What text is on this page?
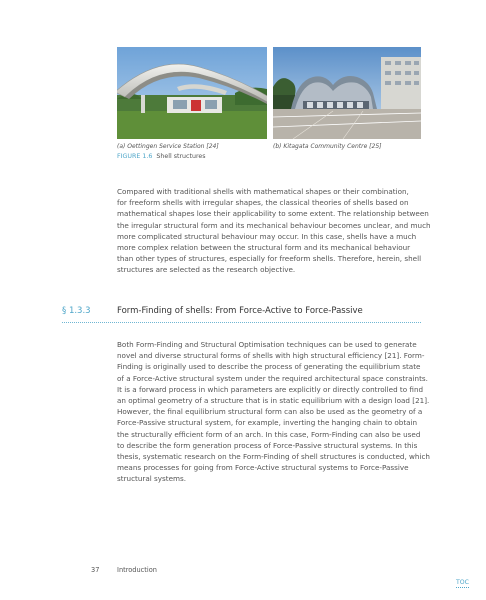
(a) Oettingen Service Station [24]	(b) Kitagata Community Centre [25]
FIGURE 1.6 Shell structures
Compared with traditional shells with mathematical shapes or their combination,
for freeform shells with irregular shapes, the classical theories of shells based on
mathematical shapes lose their applicability to some extent. The relationship between
the irregular structural form and its mechanical behaviour becomes unclear, and much
more complicated structural behaviour may occur. In this case, shells have a much
more complex relation between the structural form and its mechanical behaviour
than other types of structures, especially for freeform shells. Therefore, herein, shell
structures are selected as the research objective.
§ 1.3.3	Form-Finding of shells: From Force-Active to Force-Passive
Both Form-Finding and Structural Optimisation techniques can be used to generate
novel and diverse structural forms of shells with high structural efficiency [21]. Form-
Finding is originally used to describe the process of generating the equilibrium state
of a Force-Active structural system under the required architectural space constraints.
It is a forward process in which parameters are explicitly or directly controlled to find
an optimal geometry of a structure that is in static equilibrium with a design load [21].
However, the final equilibrium structural form can also be used as the geometry of a
Force-Passive structural system, for example, inverting the hanging chain to obtain
the structurally efficient form of an arch. In this case, Form-Finding can also be used
to describe the form generation process of Force-Passive structural systems. In this
thesis, systematic research on the Form-Finding of shell structures is conducted, which
means processes for going from Force-Active structural systems to Force-Passive
structural systems.
37	Introduction
TOC
